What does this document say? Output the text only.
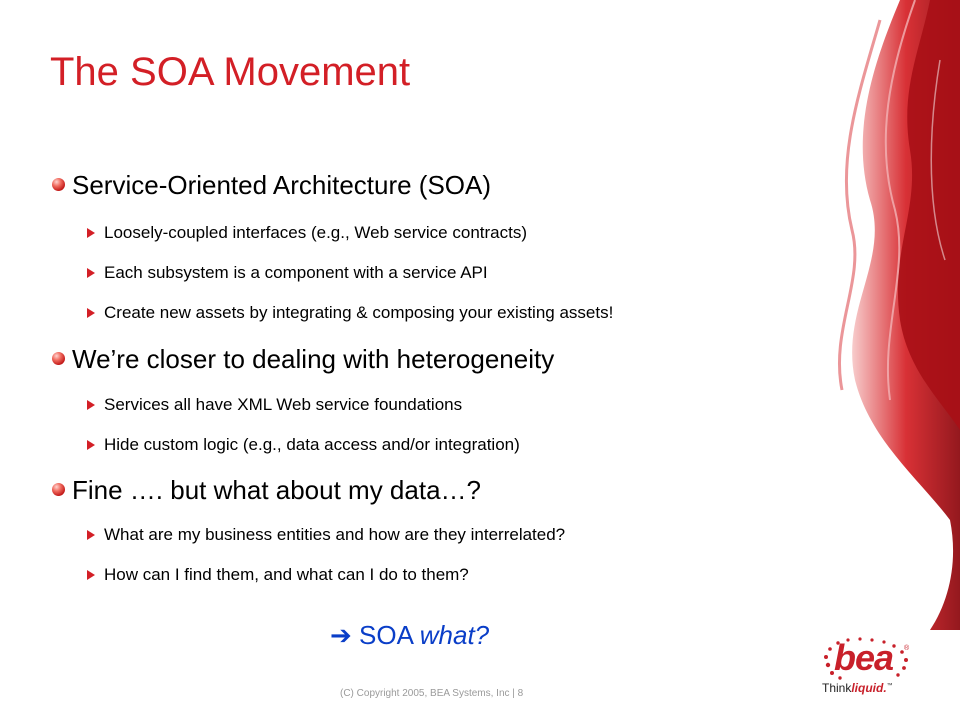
The SOA Movement
Service-Oriented Architecture (SOA)
Loosely-coupled interfaces (e.g., Web service contracts)
Each subsystem is a component with a service API
Create new assets by integrating & composing your existing assets!
We’re closer to dealing with heterogeneity
Services all have XML Web service foundations
Hide custom logic (e.g., data access and/or integration)
Fine …. but what about my data…?
What are my business entities and how are they interrelated?
How can I find them, and what can I do to them?
➔ SOA what?
(C) Copyright 2005, BEA Systems, Inc | 8
bea ®
Thinkliquid.™
